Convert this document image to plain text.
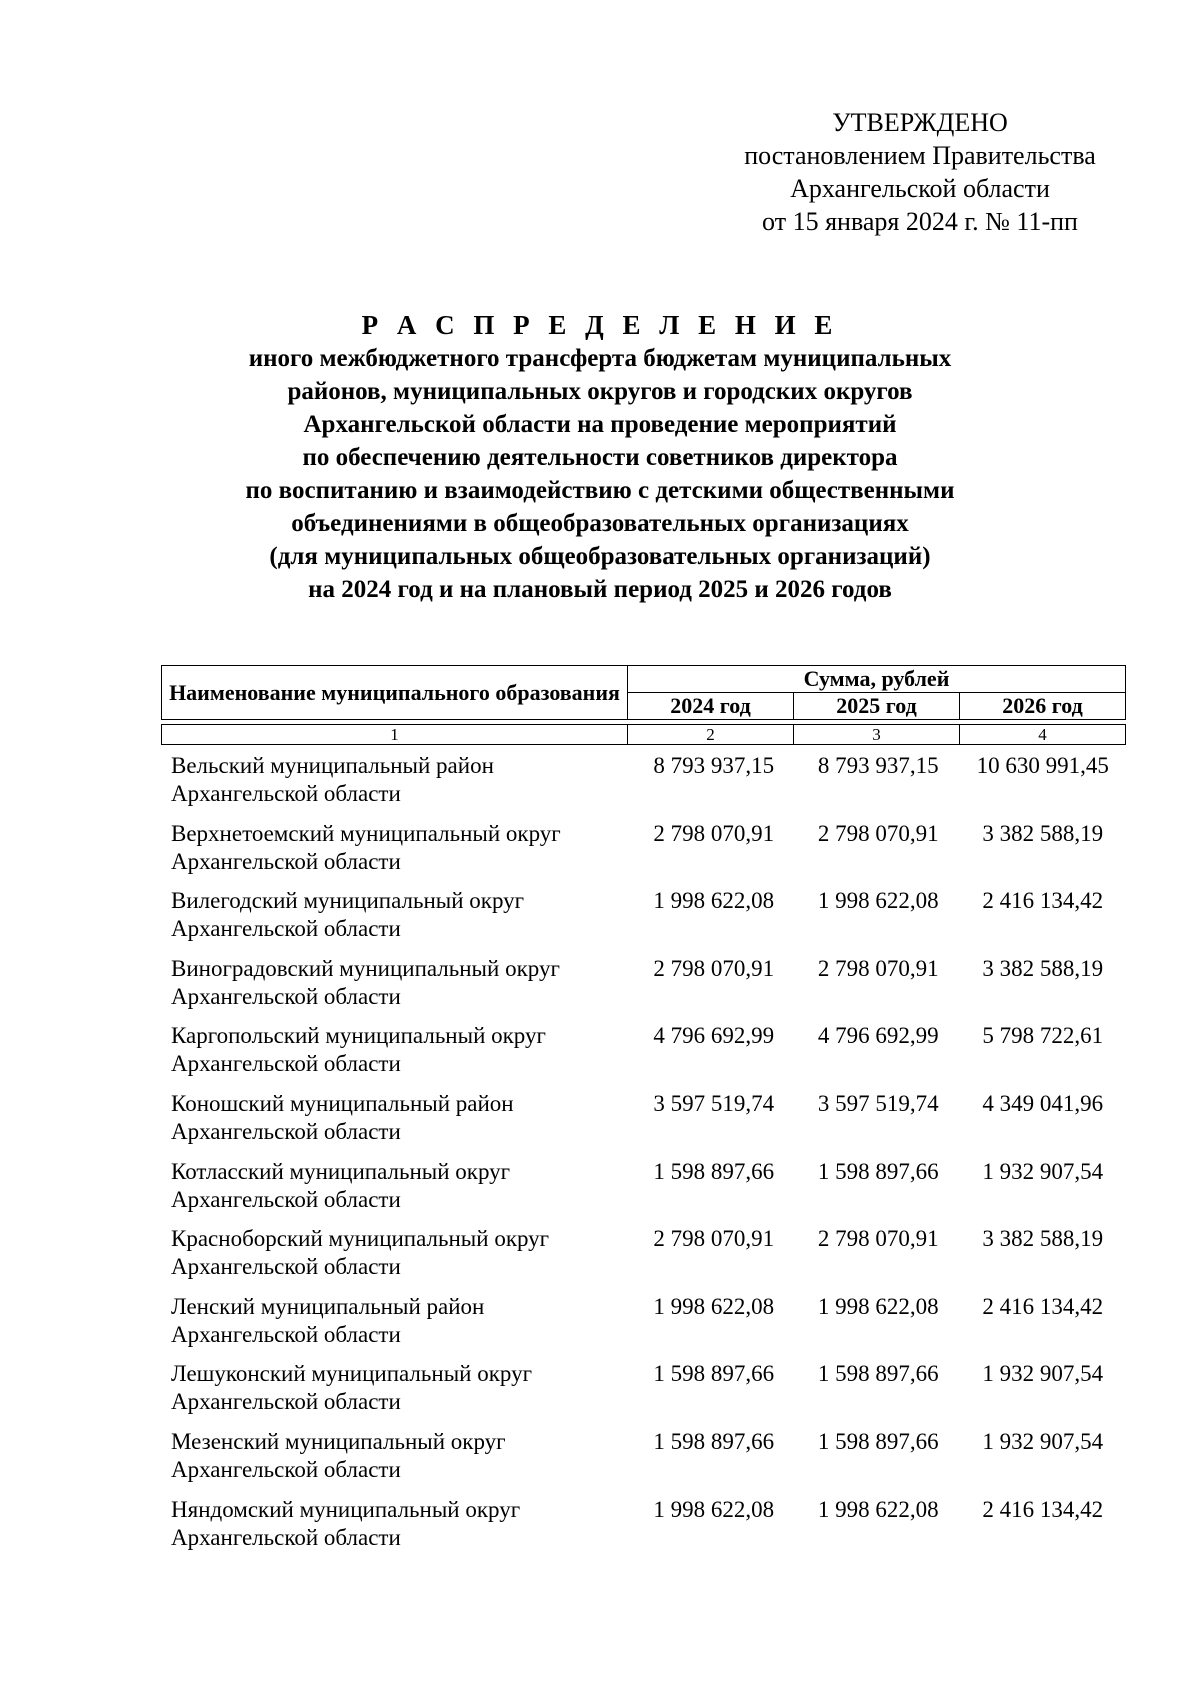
УТВЕРЖДЕНО
постановлением Правительства
Архангельской области
от 15 января 2024 г. № 11-пп
Р А С П Р Е Д Е Л Е Н И Е
иного межбюджетного трансферта бюджетам муниципальных
районов, муниципальных округов и городских округов
Архангельской области на проведение мероприятий
по обеспечению деятельности советников директора
по воспитанию и взаимодействию с детскими общественными
объединениями в общеобразовательных организациях
(для муниципальных общеобразовательных организаций)
на 2024 год и на плановый период 2025 и 2026 годов
Наименование муниципального образования	Сумма, рублей		
	2024 год	2025 год	2026 год

1	2	3	4
Вельский муниципальный район
Архангельской области
8 793 937,15	8 793 937,15	10 630 991,45
Верхнетоемский муниципальный округ
Архангельской области
2 798 070,91	2 798 070,91	3 382 588,19
Вилегодский муниципальный округ
Архангельской области
1 998 622,08	1 998 622,08	2 416 134,42
Виноградовский муниципальный округ
Архангельской области
2 798 070,91	2 798 070,91	3 382 588,19
Каргопольский муниципальный округ
Архангельской области
4 796 692,99	4 796 692,99	5 798 722,61
Коношский муниципальный район
Архангельской области
3 597 519,74	3 597 519,74	4 349 041,96
Котласский муниципальный округ
Архангельской области
1 598 897,66	1 598 897,66	1 932 907,54
Красноборский муниципальный округ
Архангельской области
2 798 070,91	2 798 070,91	3 382 588,19
Ленский муниципальный район
Архангельской области
1 998 622,08	1 998 622,08	2 416 134,42
Лешуконский муниципальный округ
Архангельской области
1 598 897,66	1 598 897,66	1 932 907,54
Мезенский муниципальный округ
Архангельской области
1 598 897,66	1 598 897,66	1 932 907,54
Няндомский муниципальный округ
Архангельской области
1 998 622,08	1 998 622,08	2 416 134,42
